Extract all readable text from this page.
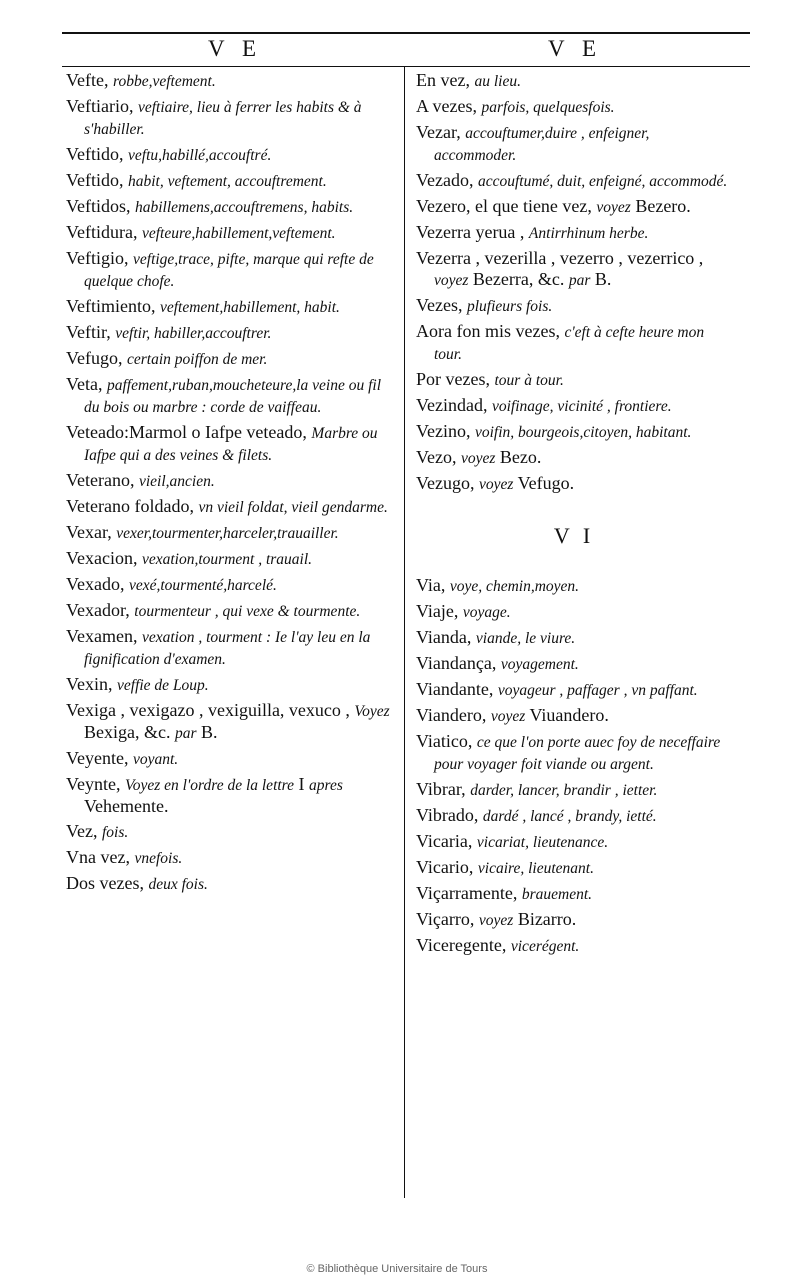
V E	V E

Vefte, robbe,veftement.

Veftiario, veftiaire, lieu à ferrer les habits & à s'habiller.

Veftido, veftu,habillé,accouftré.

Veftido, habit, veftement, accouftrement.

Veftidos, habillemens,accouftremens, habits.

Veftidura, vefteure,habillement,veftement.

Veftigio, veftige,trace, pifte, marque qui refte de quelque chofe.

Veftimiento, veftement,habillement, habit.

Veftir, veftir, habiller,accouftrer.

Vefugo, certain poiffon de mer.

Veta, paffement,ruban,moucheteure,la veine ou fil du bois ou marbre : corde de vaiffeau.

Veteado:Marmol o Iafpe veteado, Marbre ou Iafpe qui a des veines & filets.

Veterano, vieil,ancien.

Veterano foldado, vn vieil foldat, vieil gendarme.

Vexar, vexer,tourmenter,harceler,trauailler.

Vexacion, vexation,tourment , trauail.

Vexado, vexé,tourmenté,harcelé.

Vexador, tourmenteur , qui vexe & tourmente.

Vexamen, vexation , tourment : Ie l'ay leu en la fignification d'examen.

Vexin, veffie de Loup.

Vexiga , vexigazo , vexiguilla, vexuco , Voyez Bexiga, &c. par B.

Veyente, voyant.

Veynte, Voyez en l'ordre de la lettre I apres Vehemente.

Vez, fois.

Vna vez, vnefois.

Dos vezes, deux fois.

En vez, au lieu.

A vezes, parfois, quelquesfois.

Vezar, accouftumer,duire , enfeigner, accommoder.

Vezado, accouftumé, duit, enfeigné, accommodé.

Vezero, el que tiene vez, voyez Bezero.

Vezerra yerua , Antirrhinum herbe.

Vezerra , vezerilla , vezerro , vezerrico , voyez Bezerra, &c. par B.

Vezes, plufieurs fois.

Aora fon mis vezes, c'eft à cefte heure mon tour.

Por vezes, tour à tour.

Vezindad, voifinage, vicinité , frontiere.

Vezino, voifin, bourgeois,citoyen, habitant.

Vezo, voyez Bezo.

Vezugo, voyez Vefugo.

V I

Via, voye, chemin,moyen.

Viaje, voyage.

Vianda, viande, le viure.

Viandança, voyagement.

Viandante, voyageur , paffager , vn paffant.

Viandero, voyez Viuandero.

Viatico, ce que l'on porte auec foy de neceffaire pour voyager foit viande ou argent.

Vibrar, darder, lancer, brandir , ietter.

Vibrado, dardé , lancé , brandy, ietté.

Vicaria, vicariat, lieutenance.

Vicario, vicaire, lieutenant.

Viçarramente, brauement.

Viçarro, voyez Bizarro.

Viceregente, vicerégent.

© Bibliothèque Universitaire de Tours
